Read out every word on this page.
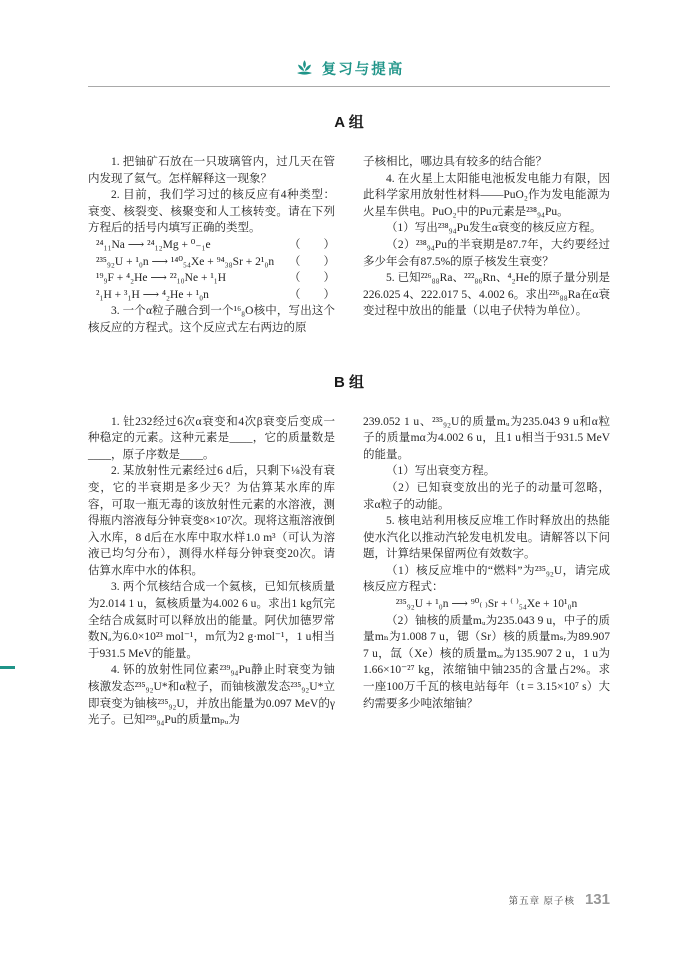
复习与提高
A 组

1. 把铀矿石放在一只玻璃管内，过几天在管内发现了氦气。怎样解释这一现象？

2. 目前，我们学习过的核反应有4种类型：衰变、核裂变、核聚变和人工核转变。请在下列方程后的括号内填写正确的类型。

²⁴₁₁Na ⟶ ²⁴₁₂Mg + ⁰₋₁e	（　　）
²³⁵₉₂U + ¹₀n ⟶ ¹⁴⁰₅₄Xe + ⁹⁴₃₈Sr + 2¹₀n （　　）
¹⁹₉F + ⁴₂He ⟶ ²²₁₀Ne + ¹₁H	（　　）
²₁H + ³₁H ⟶ ⁴₂He + ¹₀n	（　　）

3. 一个α粒子融合到一个¹⁶₈O核中，写出这个核反应的方程式。这个反应式左右两边的原

子核相比，哪边具有较多的结合能？

4. 在火星上太阳能电池板发电能力有限，因此科学家用放射性材料——PuO₂作为发电能源为火星车供电。PuO₂中的Pu元素是²³⁸₉₄Pu。

（1）写出²³⁸₉₄Pu发生α衰变的核反应方程。

（2）²³⁸₉₄Pu的半衰期是87.7年，大约要经过多少年会有87.5%的原子核发生衰变？

5. 已知²²⁶₈₈Ra、²²²₈₆Rn、⁴₂He的原子量分别是226.025 4、222.017 5、4.002 6。求出²²⁶₈₈Ra在α衰变过程中放出的能量（以电子伏特为单位）。

B 组

1. 钍232经过6次α衰变和4次β衰变后变成一种稳定的元素。这种元素是____，它的质量数是____，原子序数是____。

2. 某放射性元素经过6 d后，只剩下⅛没有衰变，它的半衰期是多少天？为估算某水库的库容，可取一瓶无毒的该放射性元素的水溶液，测得瓶内溶液每分钟衰变8×10⁷次。现将这瓶溶液倒入水库，8 d后在水库中取水样1.0 m³（可认为溶液已均匀分布），测得水样每分钟衰变20次。请估算水库中水的体积。

3. 两个氘核结合成一个氦核，已知氘核质量为2.014 1 u，氦核质量为4.002 6 u。求出1 kg氘完全结合成氦时可以释放出的能量。阿伏加德罗常数Nₐ为6.0×10²³ mol⁻¹，m氘为2 g·mol⁻¹，1 u相当于931.5 MeV的能量。

4. 钚的放射性同位素²³⁹₉₄Pu静止时衰变为铀核激发态²³⁵₉₂U*和α粒子，而铀核激发态²³⁵₉₂U*立即衰变为铀核²³⁵₉₂U，并放出能量为0.097 MeV的γ光子。已知²³⁹₉₄Pu的质量mₚᵤ为

239.052 1 u、²³⁵₉₂U的质量mᵤ为235.043 9 u和α粒子的质量mα为4.002 6 u，且1 u相当于931.5 MeV的能量。

（1）写出衰变方程。

（2）已知衰变放出的光子的动量可忽略，求α粒子的动能。

5. 核电站利用核反应堆工作时释放出的热能使水汽化以推动汽轮发电机发电。请解答以下问题，计算结果保留两位有效数字。

（1）核反应堆中的“燃料”为²³⁵₉₂U，请完成核反应方程式：

²³⁵₉₂U + ¹₀n ⟶ ⁹⁰₍ ₎Sr + ⁽ ⁾₅₄Xe + 10¹₀n

（2）铀核的质量mᵤ为235.043 9 u，中子的质量mₙ为1.008 7 u，锶（Sr）核的质量mₛᵣ为89.907 7 u，氙（Xe）核的质量mₓₑ为135.907 2 u，1 u为1.66×10⁻²⁷ kg，浓缩铀中铀235的含量占2%。求一座100万千瓦的核电站每年（t = 3.15×10⁷ s）大约需要多少吨浓缩铀？

第五章 原子核 131
